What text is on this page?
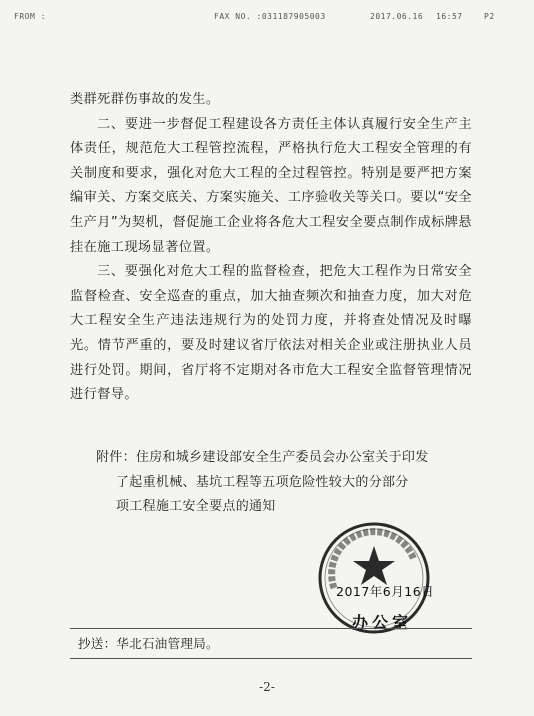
FROM :	FAX NO. :031187905003	2017.06.16 16:57	P2

类群死群伤事故的发生。

二、要进一步督促工程建设各方责任主体认真履行安全生产主体责任，规范危大工程管控流程，严格执行危大工程安全管理的有关制度和要求，强化对危大工程的全过程管控。特别是要严把方案编审关、方案交底关、方案实施关、工序验收关等关口。要以“安全生产月”为契机，督促施工企业将各危大工程安全要点制作成标牌悬挂在施工现场显著位置。

三、要强化对危大工程的监督检查，把危大工程作为日常安全监督检查、安全巡查的重点，加大抽查频次和抽查力度，加大对危大工程安全生产违法违规行为的处罚力度，并将查处情况及时曝光。情节严重的，要及时建议省厅依法对相关企业或注册执业人员进行处罚。期间，省厅将不定期对各市危大工程安全监督管理情况进行督导。

附件：住房和城乡建设部安全生产委员会办公室关于印发
了起重机械、基坑工程等五项危险性较大的分部分
项工程施工安全要点的通知
2017年6月16日
办公室
抄送：华北石油管理局。
-2-
